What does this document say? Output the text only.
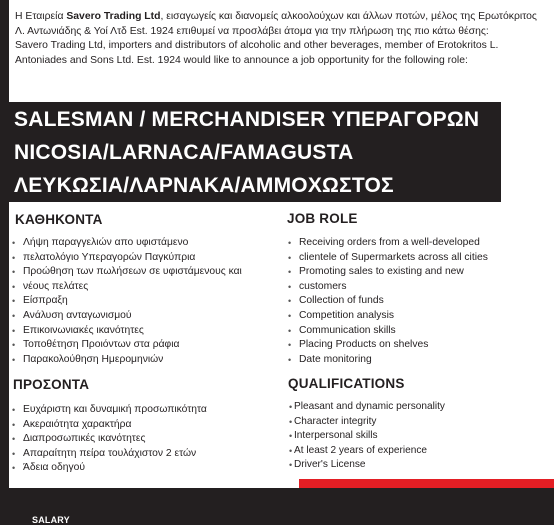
Η Εταιρεία Savero Trading Ltd, εισαγωγείς και διανομείς αλκοολούχων και άλλων ποτών, μέλος της Ερωτόκριτος Λ. Αντωνιάδης & Υοί Λτδ Est. 1924 επιθυμεί να προσλάβει άτομα για την πλήρωση της πιο κάτω θέσης:

Savero Trading Ltd, importers and distributors of alcoholic and other beverages, member of Erotokritos L. Antoniades and Sons Ltd. Est. 1924 would like to announce a job opportunity for the following role:

SALESMAN / MERCHANDISER ΥΠΕΡΑΓΟΡΩΝ
NICOSIA/LARNACA/FAMAGUSTA
ΛΕΥΚΩΣΙΑ/ΛΑΡΝΑΚΑ/ΑΜΜΟΧΩΣΤΟΣ
ΚΑΘΗΚΟΝΤΑ
• Λήψη παραγγελιών απο υφιστάμενο
• πελατολόγιο Υπεραγορών Παγκύπρια
• Προώθηση των πωλήσεων σε υφιστάμενους και
• νέους πελάτες
• Είσπραξη
• Ανάλυση ανταγωνισμού
• Επικοινωνιακές ικανότητες
• Τοποθέτηση Προιόντων στα ράφια
• Παρακολούθηση Ημερομηνιών
JOB ROLE
• Receiving orders from a well-developed
• clientele of Supermarkets across all cities
• Promoting sales to existing and new
• customers
• Collection of funds
• Competition analysis
• Communication skills
• Placing Products on shelves
• Date monitoring
ΠΡΟΣΟΝΤΑ
• Ευχάριστη και δυναμική προσωπικότητα
• Ακεραιότητα χαρακτήρα
• Διαπροσωπικές ικανότητες
• Απαραίτητη πείρα τουλάχιστον 2 ετών
• Άδεια οδηγού
QUALIFICATIONS
• Pleasant and dynamic personality
• Character integrity
• Interpersonal skills
• At least 2 years of experience
• Driver's License
SALARY
